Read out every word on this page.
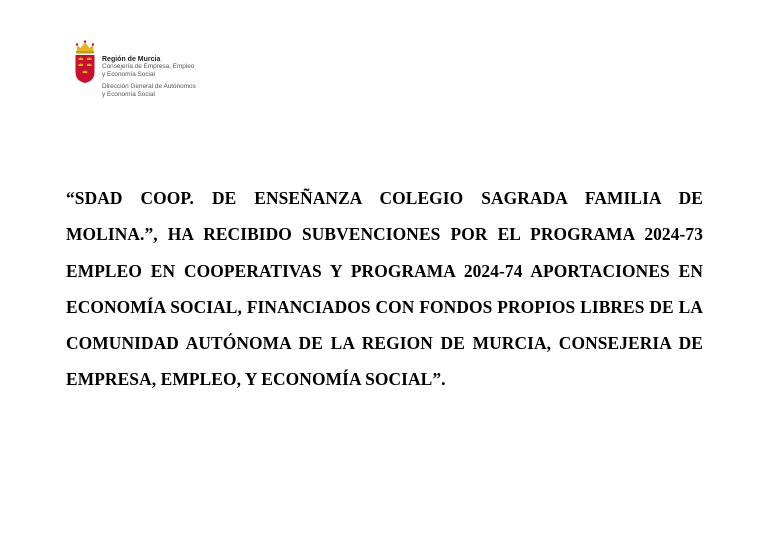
Región de Murcia
Consejería de Empresa, Empleo
y Economía Social
Dirección General de Autónomos
y Economía Social

“SDAD COOP. DE ENSEÑANZA COLEGIO SAGRADA FAMILIA DE MOLINA.”, HA RECIBIDO SUBVENCIONES POR EL PROGRAMA 2024-73 EMPLEO EN COOPERATIVAS Y PROGRAMA 2024-74 APORTACIONES EN ECONOMÍA SOCIAL, FINANCIADOS CON FONDOS PROPIOS LIBRES DE LA COMUNIDAD AUTÓNOMA DE LA REGION DE MURCIA, CONSEJERIA DE EMPRESA, EMPLEO, Y ECONOMÍA SOCIAL”.
